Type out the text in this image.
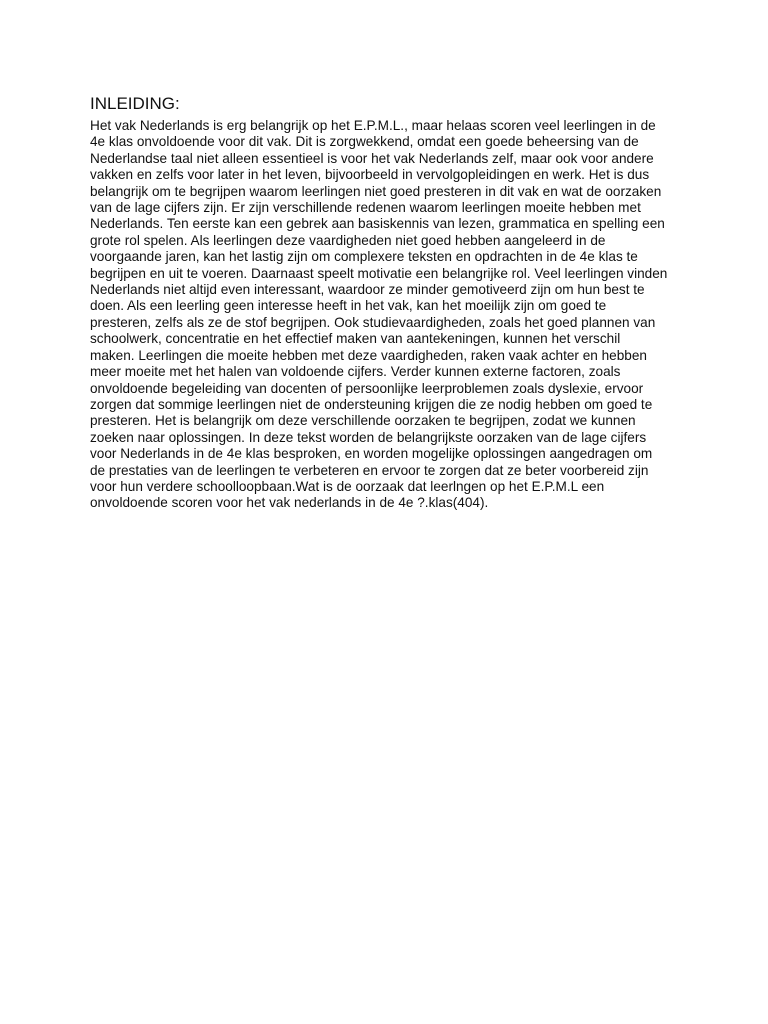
INLEIDING:
Het vak Nederlands is erg belangrijk op het E.P.M.L., maar helaas scoren veel leerlingen in de
4e klas onvoldoende voor dit vak. Dit is zorgwekkend, omdat een goede beheersing van de
Nederlandse taal niet alleen essentieel is voor het vak Nederlands zelf, maar ook voor andere
vakken en zelfs voor later in het leven, bijvoorbeeld in vervolgopleidingen en werk. Het is dus
belangrijk om te begrijpen waarom leerlingen niet goed presteren in dit vak en wat de oorzaken
van de lage cijfers zijn. Er zijn verschillende redenen waarom leerlingen moeite hebben met
Nederlands. Ten eerste kan een gebrek aan basiskennis van lezen, grammatica en spelling een
grote rol spelen. Als leerlingen deze vaardigheden niet goed hebben aangeleerd in de
voorgaande jaren, kan het lastig zijn om complexere teksten en opdrachten in de 4e klas te
begrijpen en uit te voeren. Daarnaast speelt motivatie een belangrijke rol. Veel leerlingen vinden
Nederlands niet altijd even interessant, waardoor ze minder gemotiveerd zijn om hun best te
doen. Als een leerling geen interesse heeft in het vak, kan het moeilijk zijn om goed te
presteren, zelfs als ze de stof begrijpen. Ook studievaardigheden, zoals het goed plannen van
schoolwerk, concentratie en het effectief maken van aantekeningen, kunnen het verschil
maken. Leerlingen die moeite hebben met deze vaardigheden, raken vaak achter en hebben
meer moeite met het halen van voldoende cijfers. Verder kunnen externe factoren, zoals
onvoldoende begeleiding van docenten of persoonlijke leerproblemen zoals dyslexie, ervoor
zorgen dat sommige leerlingen niet de ondersteuning krijgen die ze nodig hebben om goed te
presteren. Het is belangrijk om deze verschillende oorzaken te begrijpen, zodat we kunnen
zoeken naar oplossingen. In deze tekst worden de belangrijkste oorzaken van de lage cijfers
voor Nederlands in de 4e klas besproken, en worden mogelijke oplossingen aangedragen om
de prestaties van de leerlingen te verbeteren en ervoor te zorgen dat ze beter voorbereid zijn
voor hun verdere schoolloopbaan.Wat is de oorzaak dat leerlngen op het E.P.M.L een
onvoldoende scoren voor het vak nederlands in de 4e ?.klas(404).
